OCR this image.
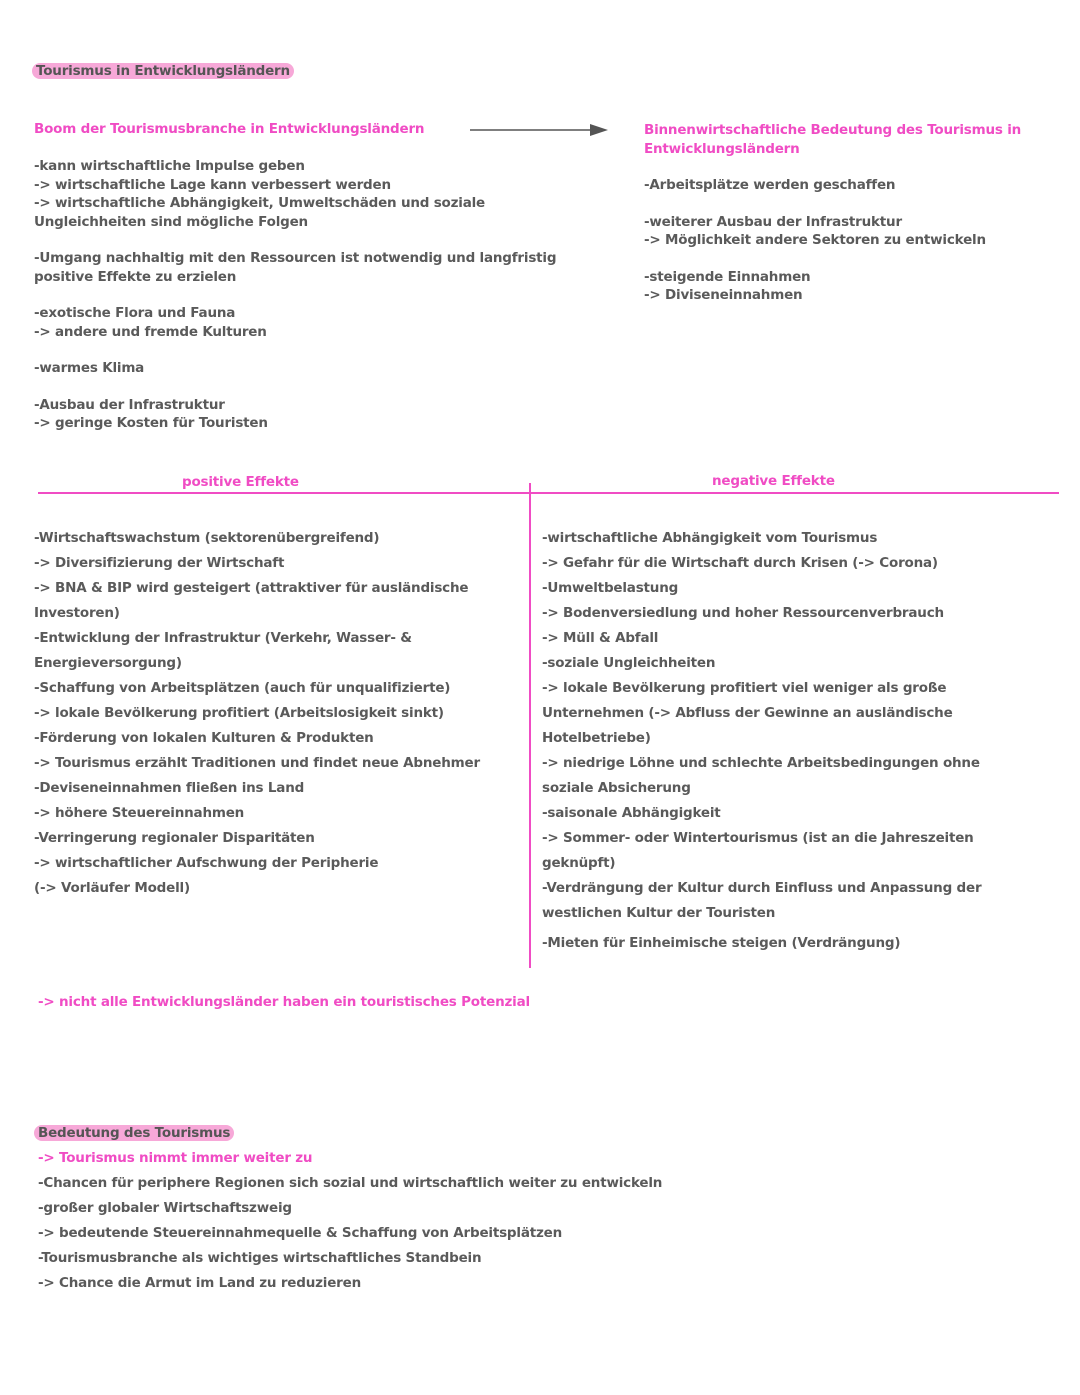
Tourismus in Entwicklungsländern
Boom der Tourismusbranche in Entwicklungsländern
-kann wirtschaftliche Impulse geben
-> wirtschaftliche Lage kann verbessert werden
-> wirtschaftliche Abhängigkeit, Umweltschäden und soziale
Ungleichheiten sind mögliche Folgen
-Umgang nachhaltig mit den Ressourcen ist notwendig und langfristig
positive Effekte zu erzielen
-exotische Flora und Fauna
-> andere und fremde Kulturen
-warmes Klima
-Ausbau der Infrastruktur
-> geringe Kosten für Touristen
Binnenwirtschaftliche Bedeutung des Tourismus in
Entwicklungsländern
-Arbeitsplätze werden geschaffen
-weiterer Ausbau der Infrastruktur
-> Möglichkeit andere Sektoren zu entwickeln
-steigende Einnahmen
-> Diviseneinnahmen
positive Effekte	negative Effekte
-Wirtschaftswachstum (sektorenübergreifend)
-> Diversifizierung der Wirtschaft
-> BNA & BIP wird gesteigert (attraktiver für ausländische
Investoren)
-Entwicklung der Infrastruktur (Verkehr, Wasser- &
Energieversorgung)
-Schaffung von Arbeitsplätzen (auch für unqualifizierte)
-> lokale Bevölkerung profitiert (Arbeitslosigkeit sinkt)
-Förderung von lokalen Kulturen & Produkten
-> Tourismus erzählt Traditionen und findet neue Abnehmer
-Deviseneinnahmen fließen ins Land
-> höhere Steuereinnahmen
-Verringerung regionaler Disparitäten
-> wirtschaftlicher Aufschwung der Peripherie
(-> Vorläufer Modell)
-wirtschaftliche Abhängigkeit vom Tourismus
-> Gefahr für die Wirtschaft durch Krisen (-> Corona)
-Umweltbelastung
-> Bodenversiedlung und hoher Ressourcenverbrauch
-> Müll & Abfall
-soziale Ungleichheiten
-> lokale Bevölkerung profitiert viel weniger als große
Unternehmen (-> Abfluss der Gewinne an ausländische
Hotelbetriebe)
-> niedrige Löhne und schlechte Arbeitsbedingungen ohne
soziale Absicherung
-saisonale Abhängigkeit
-> Sommer- oder Wintertourismus (ist an die Jahreszeiten
geknüpft)
-Verdrängung der Kultur durch Einfluss und Anpassung der
westlichen Kultur der Touristen
-Mieten für Einheimische steigen (Verdrängung)
-> nicht alle Entwicklungsländer haben ein touristisches Potenzial
Bedeutung des Tourismus
-> Tourismus nimmt immer weiter zu
-Chancen für periphere Regionen sich sozial und wirtschaftlich weiter zu entwickeln
-großer globaler Wirtschaftszweig
-> bedeutende Steuereinnahmequelle & Schaffung von Arbeitsplätzen
-Tourismusbranche als wichtiges wirtschaftliches Standbein
-> Chance die Armut im Land zu reduzieren
